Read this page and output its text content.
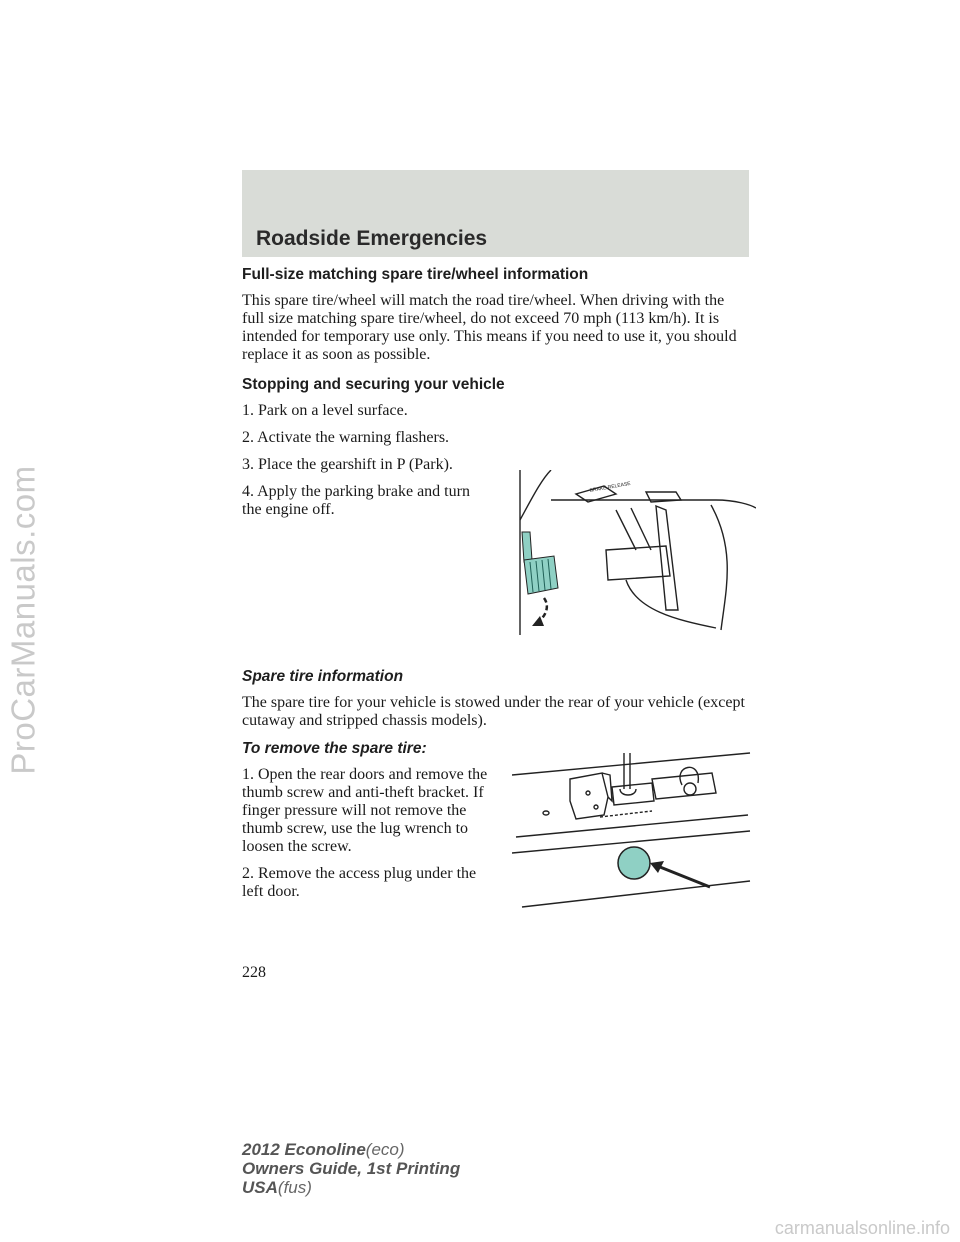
ProCarManuals.com
Roadside Emergencies
Full-size matching spare tire/wheel information

This spare tire/wheel will match the road tire/wheel. When driving with the full size matching spare tire/wheel, do not exceed 70 mph (113 km/h). It is intended for temporary use only. This means if you need to use it, you should replace it as soon as possible.

Stopping and securing your vehicle

1. Park on a level surface.

2. Activate the warning flashers.

3. Place the gearshift in P (Park).

4. Apply the parking brake and turn the engine off.

Spare tire information

The spare tire for your vehicle is stowed under the rear of your vehicle (except cutaway and stripped chassis models).

To remove the spare tire:

1. Open the rear doors and remove the thumb screw and anti-theft bracket. If finger pressure will not remove the thumb screw, use the lug wrench to loosen the screw.

2. Remove the access plug under the left door.

BRAKE RELEASE
228
2012 Econoline(eco)
Owners Guide, 1st Printing
USA(fus)
carmanualsonline.info
